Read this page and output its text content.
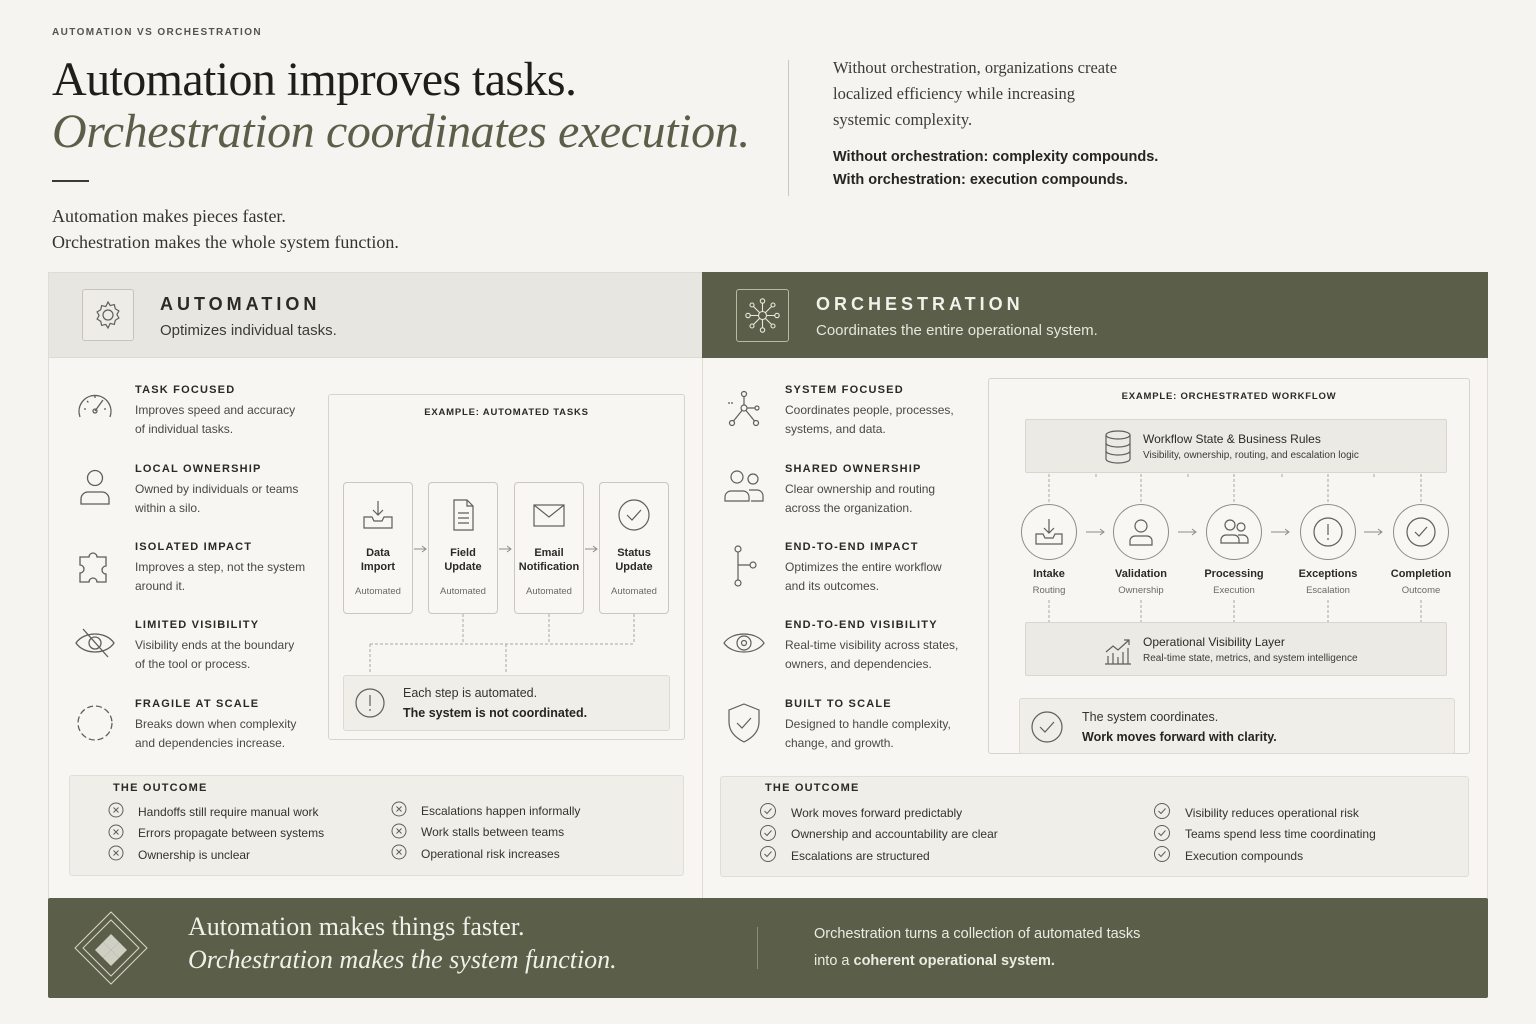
AUTOMATION VS ORCHESTRATION
Automation improves tasks.
Orchestration coordinates execution.
Automation makes pieces faster.
Orchestration makes the whole system function.
Without orchestration, organizations create
localized efficiency while increasing
systemic complexity.
Without orchestration: complexity compounds.
With orchestration: execution compounds.
AUTOMATION
Optimizes individual tasks.
ORCHESTRATION
Coordinates the entire operational system.
TASK FOCUSED
Improves speed and accuracy
of individual tasks.
LOCAL OWNERSHIP
Owned by individuals or teams
within a silo.
ISOLATED IMPACT
Improves a step, not the system
around it.
LIMITED VISIBILITY
Visibility ends at the boundary
of the tool or process.
FRAGILE AT SCALE
Breaks down when complexity
and dependencies increase.
EXAMPLE: AUTOMATED TASKS
Data
Import
Automated
Field
Update
Automated
Email
Notification
Automated
Status
Update
Automated
Each step is automated.
The system is not coordinated.
THE OUTCOME
Handoffs still require manual work
Errors propagate between systems
Ownership is unclear
Escalations happen informally
Work stalls between teams
Operational risk increases
SYSTEM FOCUSED
Coordinates people, processes,
systems, and data.
SHARED OWNERSHIP
Clear ownership and routing
across the organization.
END-TO-END IMPACT
Optimizes the entire workflow
and its outcomes.
END-TO-END VISIBILITY
Real-time visibility across states,
owners, and dependencies.
BUILT TO SCALE
Designed to handle complexity,
change, and growth.
EXAMPLE: ORCHESTRATED WORKFLOW
Workflow State & Business Rules
Visibility, ownership, routing, and escalation logic
Intake
Routing
Validation
Ownership
Processing
Execution
Exceptions
Escalation
Completion
Outcome
Operational Visibility Layer
Real-time state, metrics, and system intelligence
The system coordinates.
Work moves forward with clarity.
THE OUTCOME
Work moves forward predictably
Ownership and accountability are clear
Escalations are structured
Visibility reduces operational risk
Teams spend less time coordinating
Execution compounds
Automation makes things faster.
Orchestration makes the system function.
Orchestration turns a collection of automated tasks
into a coherent operational system.
